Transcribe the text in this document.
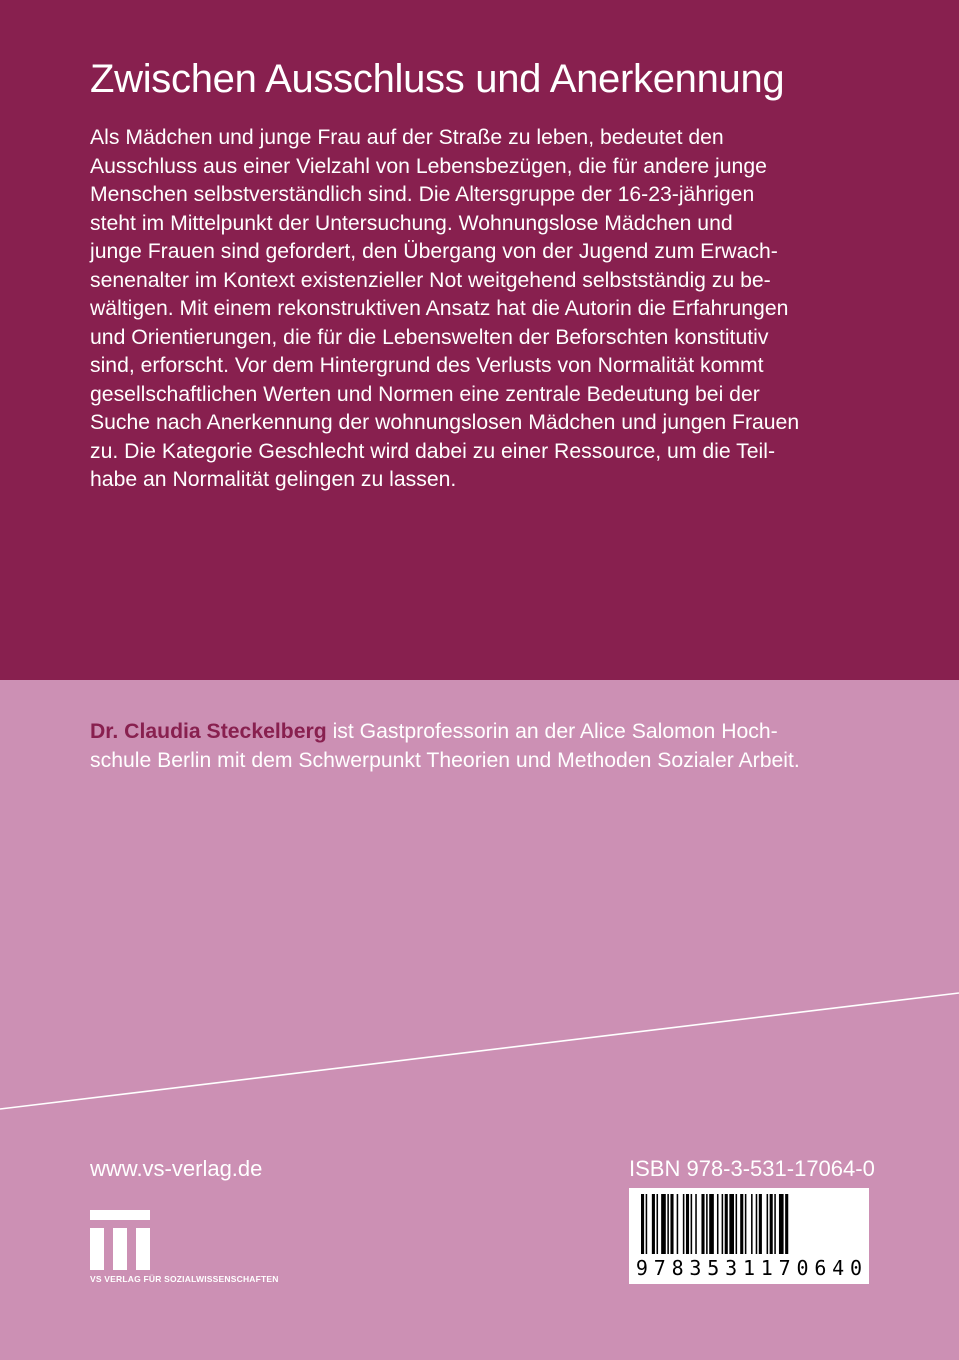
Zwischen Ausschluss und Anerkennung
Als Mädchen und junge Frau auf der Straße zu leben, bedeutet den
Ausschluss aus einer Vielzahl von Lebensbezügen, die für andere junge
Menschen selbstverständlich sind. Die Altersgruppe der 16-23-jährigen
steht im Mittelpunkt der Untersuchung. Wohnungslose Mädchen und
junge Frauen sind gefordert, den Übergang von der Jugend zum Erwach-
senenalter im Kontext existenzieller Not weitgehend selbstständig zu be-
wältigen. Mit einem rekonstruktiven Ansatz hat die Autorin die Erfahrungen
und Orientierungen, die für die Lebenswelten der Beforschten konstitutiv
sind, erforscht. Vor dem Hintergrund des Verlusts von Normalität kommt
gesellschaftlichen Werten und Normen eine zentrale Bedeutung bei der
Suche nach Anerkennung der wohnungslosen Mädchen und jungen Frauen
zu. Die Kategorie Geschlecht wird dabei zu einer Ressource, um die Teil-
habe an Normalität gelingen zu lassen.
Dr. Claudia Steckelberg ist Gastprofessorin an der Alice Salomon Hoch-
schule Berlin mit dem Schwerpunkt Theorien und Methoden Sozialer Arbeit.
www.vs-verlag.de
VS VERLAG FÜR SOZIALWISSENSCHAFTEN
ISBN 978-3-531-17064-0
9 7 8 3 5 3 1 1 7 0 6 4 0
